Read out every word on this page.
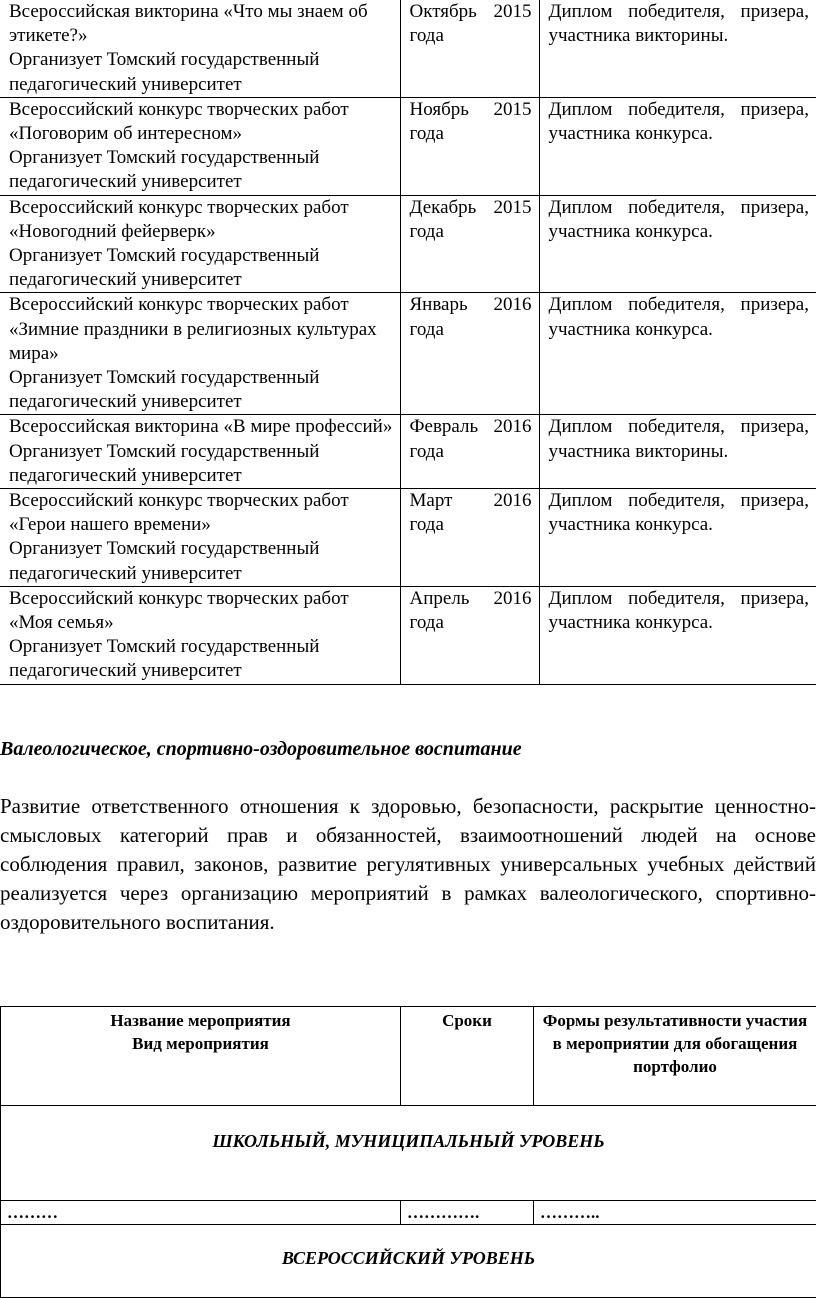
Всероссийская викторина «Что мы знаем об этикете?»
Организует Томский государственный педагогический университет	Октябрь 2015 года	Диплом победителя, призера, участника викторины.
Всероссийский конкурс творческих работ «Поговорим об интересном»
Организует Томский государственный педагогический университет	Ноябрь 2015 года	Диплом победителя, призера, участника конкурса.
Всероссийский конкурс творческих работ «Новогодний фейерверк»
Организует Томский государственный педагогический университет	Декабрь 2015 года	Диплом победителя, призера, участника конкурса.
Всероссийский конкурс творческих работ «Зимние праздники в религиозных культурах мира»
Организует Томский государственный педагогический университет	Январь 2016 года	Диплом победителя, призера, участника конкурса.
Всероссийская викторина «В мире профессий»
Организует Томский государственный педагогический университет	Февраль 2016 года	Диплом победителя, призера, участника викторины.
Всероссийский конкурс творческих работ «Герои нашего времени»
Организует Томский государственный педагогический университет	Март 2016 года	Диплом победителя, призера, участника конкурса.
Всероссийский конкурс творческих работ «Моя семья»
Организует Томский государственный педагогический университет	Апрель 2016 года	Диплом победителя, призера, участника конкурса.
Валеологическое, спортивно-оздоровительное воспитание

Развитие ответственного отношения к здоровью, безопасности, раскрытие ценностно-смысловых категорий прав и обязанностей, взаимоотношений людей на основе соблюдения правил, законов, развитие регулятивных универсальных учебных действий реализуется через организацию мероприятий в рамках валеологического, спортивно-оздоровительного воспитания.

Название мероприятия
Вид мероприятия	Сроки	Формы результативности участия в мероприятии для обогащения портфолио
ШКОЛЬНЫЙ, МУНИЦИПАЛЬНЫЙ УРОВЕНЬ		
………	………….	………..
ВСЕРОССИЙСКИЙ УРОВЕНЬ		
